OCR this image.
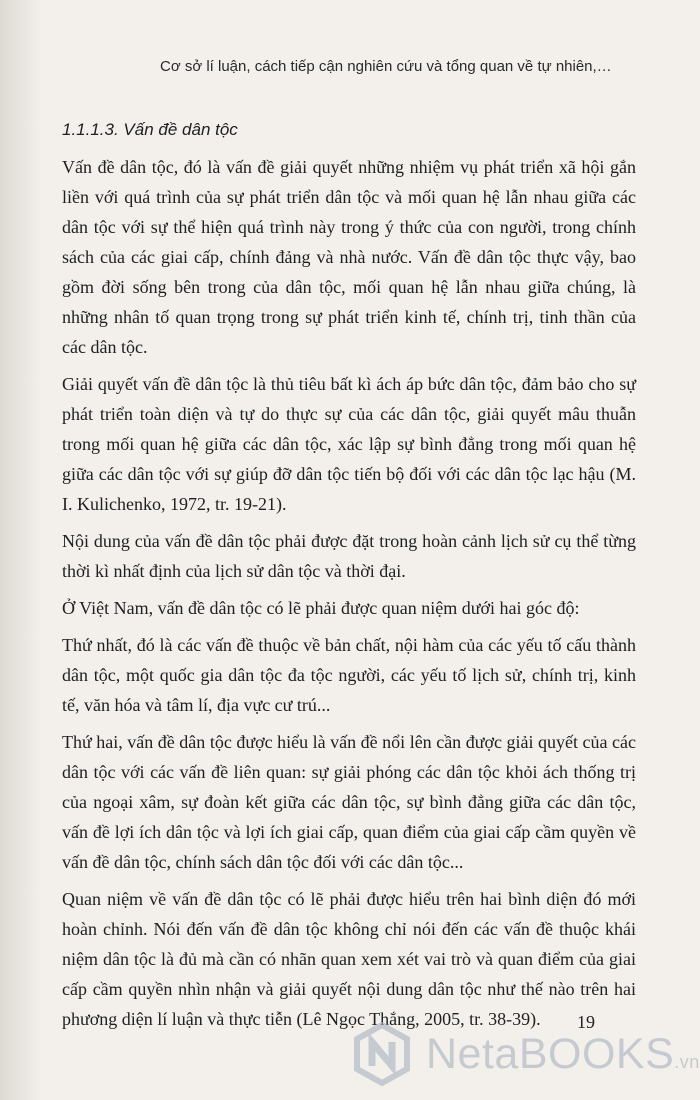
Cơ sở lí luận, cách tiếp cận nghiên cứu và tổng quan về tự nhiên,…
1.1.1.3. Vấn đề dân tộc

Vấn đề dân tộc, đó là vấn đề giải quyết những nhiệm vụ phát triển xã hội gắn liền với quá trình của sự phát triển dân tộc và mối quan hệ lẫn nhau giữa các dân tộc với sự thể hiện quá trình này trong ý thức của con người, trong chính sách của các giai cấp, chính đảng và nhà nước. Vấn đề dân tộc thực vậy, bao gồm đời sống bên trong của dân tộc, mối quan hệ lẫn nhau giữa chúng, là những nhân tố quan trọng trong sự phát triển kinh tế, chính trị, tinh thần của các dân tộc.

Giải quyết vấn đề dân tộc là thủ tiêu bất kì ách áp bức dân tộc, đảm bảo cho sự phát triển toàn diện và tự do thực sự của các dân tộc, giải quyết mâu thuẫn trong mối quan hệ giữa các dân tộc, xác lập sự bình đẳng trong mối quan hệ giữa các dân tộc với sự giúp đỡ dân tộc tiến bộ đối với các dân tộc lạc hậu (M. I. Kulichenko, 1972, tr. 19-21).

Nội dung của vấn đề dân tộc phải được đặt trong hoàn cảnh lịch sử cụ thể từng thời kì nhất định của lịch sử dân tộc và thời đại.

Ở Việt Nam, vấn đề dân tộc có lẽ phải được quan niệm dưới hai góc độ:

Thứ nhất, đó là các vấn đề thuộc về bản chất, nội hàm của các yếu tố cấu thành dân tộc, một quốc gia dân tộc đa tộc người, các yếu tố lịch sử, chính trị, kinh tế, văn hóa và tâm lí, địa vực cư trú...

Thứ hai, vấn đề dân tộc được hiểu là vấn đề nổi lên cần được giải quyết của các dân tộc với các vấn đề liên quan: sự giải phóng các dân tộc khỏi ách thống trị của ngoại xâm, sự đoàn kết giữa các dân tộc, sự bình đẳng giữa các dân tộc, vấn đề lợi ích dân tộc và lợi ích giai cấp, quan điểm của giai cấp cầm quyền về vấn đề dân tộc, chính sách dân tộc đối với các dân tộc...

Quan niệm về vấn đề dân tộc có lẽ phải được hiểu trên hai bình diện đó mới hoàn chỉnh. Nói đến vấn đề dân tộc không chỉ nói đến các vấn đề thuộc khái niệm dân tộc là đủ mà cần có nhãn quan xem xét vai trò và quan điểm của giai cấp cầm quyền nhìn nhận và giải quyết nội dung dân tộc như thế nào trên hai phương diện lí luận và thực tiễn (Lê Ngọc Thắng, 2005, tr. 38-39).	19
NetaBOOKS.vn
